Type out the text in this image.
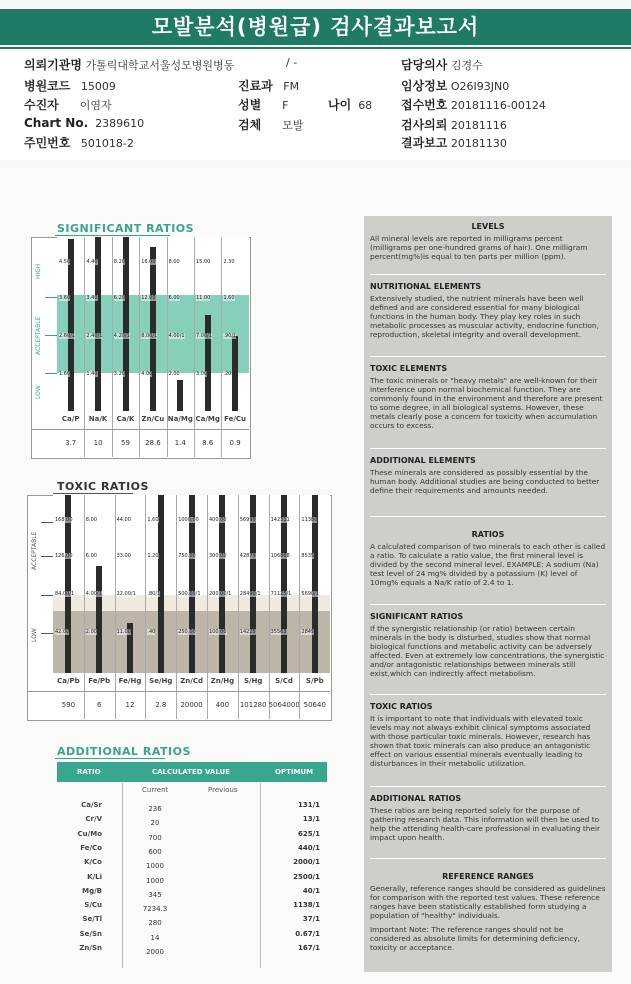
모발분석(병원급) 검사결과보고서
의뢰기관명 가톨릭대학교서울성모병원병동	/ -	담당의사 김경수
병원코드 15009	진료과 FM	임상정보 O26I93JN0
수진자 이염자	성별 F	나이 68 접수번호 20181116-00124
Chart No. 2389610	검체 모발	검사의뢰 20181116
주민번호 501018-2	결과보고 20181130
SIGNIFICANT RATIOS
HIGH
ACCEPTABLE
LOW
4.50
3.60
2.60/1
1.60
Ca/P
3.7
4.40
3.40
2.40/1
1.40
Na/K
10
8.20
6.20
4.20/1
3.20
Ca/K
59
16.00
12.00
8.00/1
4.00
Zn/Cu
28.6
8.00
6.00
4.00/1
2.00
Na/Mg
1.4
15.00
11.00
7.00/1
3.00
Ca/Mg
8.6
2.30
1.60
.90/1
.20
Fe/Cu
0.9
TOXIC RATIOS
ACCEPTABLE
LOW
168.00
126.00
84.00/1
42.00
Ca/Pb
590
8.00
6.00
4.00/1
2.00
Fe/Pb
6
44.00
33.00
22.00/1
11.00
Fe/Hg
12
1.60
1.20
.80/1
.40
Se/Hg
2.8
1000.00
750.00
500.00/1
250.00
Zn/Cd
20000
400.00
300.00
200.00/1
100.00
Zn/Hg
400
56999
42879
28490/1
14225
S/Hg
101280
142311
106868
71125/1
35563
S/Cd
5064000
11380
8535
5690/1
2845
S/Pb
50640
ADDITIONAL RATIOS
RATIO	CALCULATED VALUE	OPTIMUM
Current	Previous
Ca/Sr	236	131/1
Cr/V	20	13/1
Cu/Mo	700	625/1
Fe/Co	600	440/1
K/Co	1000	2000/1
K/Li	1000	2500/1
Mg/B	345	40/1
S/Cu	7234.3	1138/1
Se/Tl	280	37/1
Se/Sn	14	0.67/1
Zn/Sn	2000	167/1
LEVELS
All mineral levels are reported in milligrams percent (milligrams per one-hundred grams of hair). One milligram percent(mg%)is equal to ten parts per million (ppm).
NUTRITIONAL ELEMENTS
Extensively studied, the nutrient minerals have been well defined and are considered essential for many biological functions in the human body. They play key roles in such metabolic processes as muscular activity, endocrine function, reproduction, skeletal integrity and overall development.
TOXIC ELEMENTS
The toxic minerals or "heavy metals" are well-known for their interference upon normal biochemical function. They are commonly found in the environment and therefore are present to some degree, in all biological systems. However, these metals clearly pose a concern for toxicity when accumulation occurs to excess.
ADDITIONAL ELEMENTS
These minerals are considered as possibly essential by the human body. Additional studies are being conducted to better define their requirements and amounts needed.
RATIOS
A calculated comparison of two minerals to each other is called a ratio. To calculate a ratio value, the first mineral level is divided by the second mineral level. EXAMPLE: A sodium (Na) test level of 24 mg% divided by a potassium (K) level of 10mg% equals a Na/K ratio of 2.4 to 1.
SIGNIFICANT RATIOS
If the synergistic relationship (or ratio) between certain minerals in the body is disturbed, studies show that normal biological functions and metabolic activity can be adversely affected. Even at extremely low concentrations, the synergistic and/or antagonistic relationships between minerals still exist,which can indirectly affect metabolism.
TOXIC RATIOS
It is important to note that individuals with elevated toxic levels may not always exhibit clinical symptoms associated with those particular toxic minerals. However, research has shown that toxic minerals can also produce an antagonistic effect on various essential minerals eventually leading to disturbances in their metabolic utilization.
ADDITIONAL RATIOS
These ratios are being reported solely for the purpose of gathering research data. This information will then be used to help the attending health-care professional in evaluating their impact upon health.
REFERENCE RANGES
Generally, reference ranges should be considered as guidelines for comparison with the reported test values. These reference ranges have been statistically established form studying a population of "healthy" individuals.
Important Note: The reference ranges should not be considered as absolute limits for determining deficiency, toxicity or acceptance.
